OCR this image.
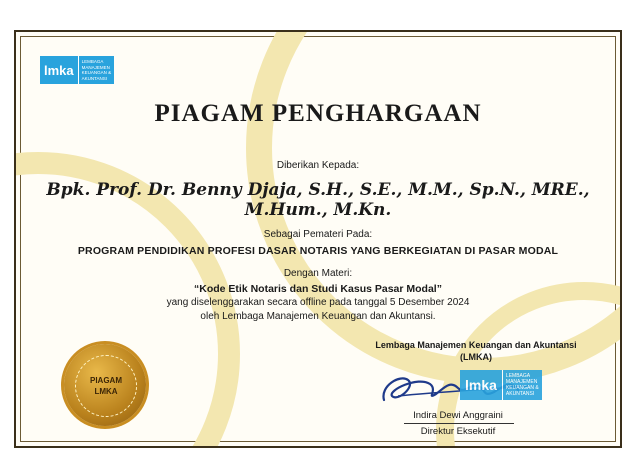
lmka
LEMBAGA
MANAJEMEN
KEUANGAN &
AKUNTANSI
PIAGAM PENGHARGAAN
Diberikan Kepada:
Bpk. Prof. Dr. Benny Djaja, S.H., S.E., M.M., Sp.N., MRE., M.Hum., M.Kn.
Sebagai Pemateri Pada:
PROGRAM PENDIDIKAN PROFESI DASAR NOTARIS YANG BERKEGIATAN DI PASAR MODAL
Dengan Materi:
“Kode Etik Notaris dan Studi Kasus Pasar Modal”
yang diselenggarakan secara offline pada tanggal 5 Desember 2024
oleh Lembaga Manajemen Keuangan dan Akuntansi.
Lembaga Manajemen Keuangan dan Akuntansi
(LMKA)
PIAGAM
LMKA	lmka
LEMBAGA
MANAJEMEN
KEUANGAN &
AKUNTANSI
Indira Dewi Anggraini
Direktur Eksekutif
